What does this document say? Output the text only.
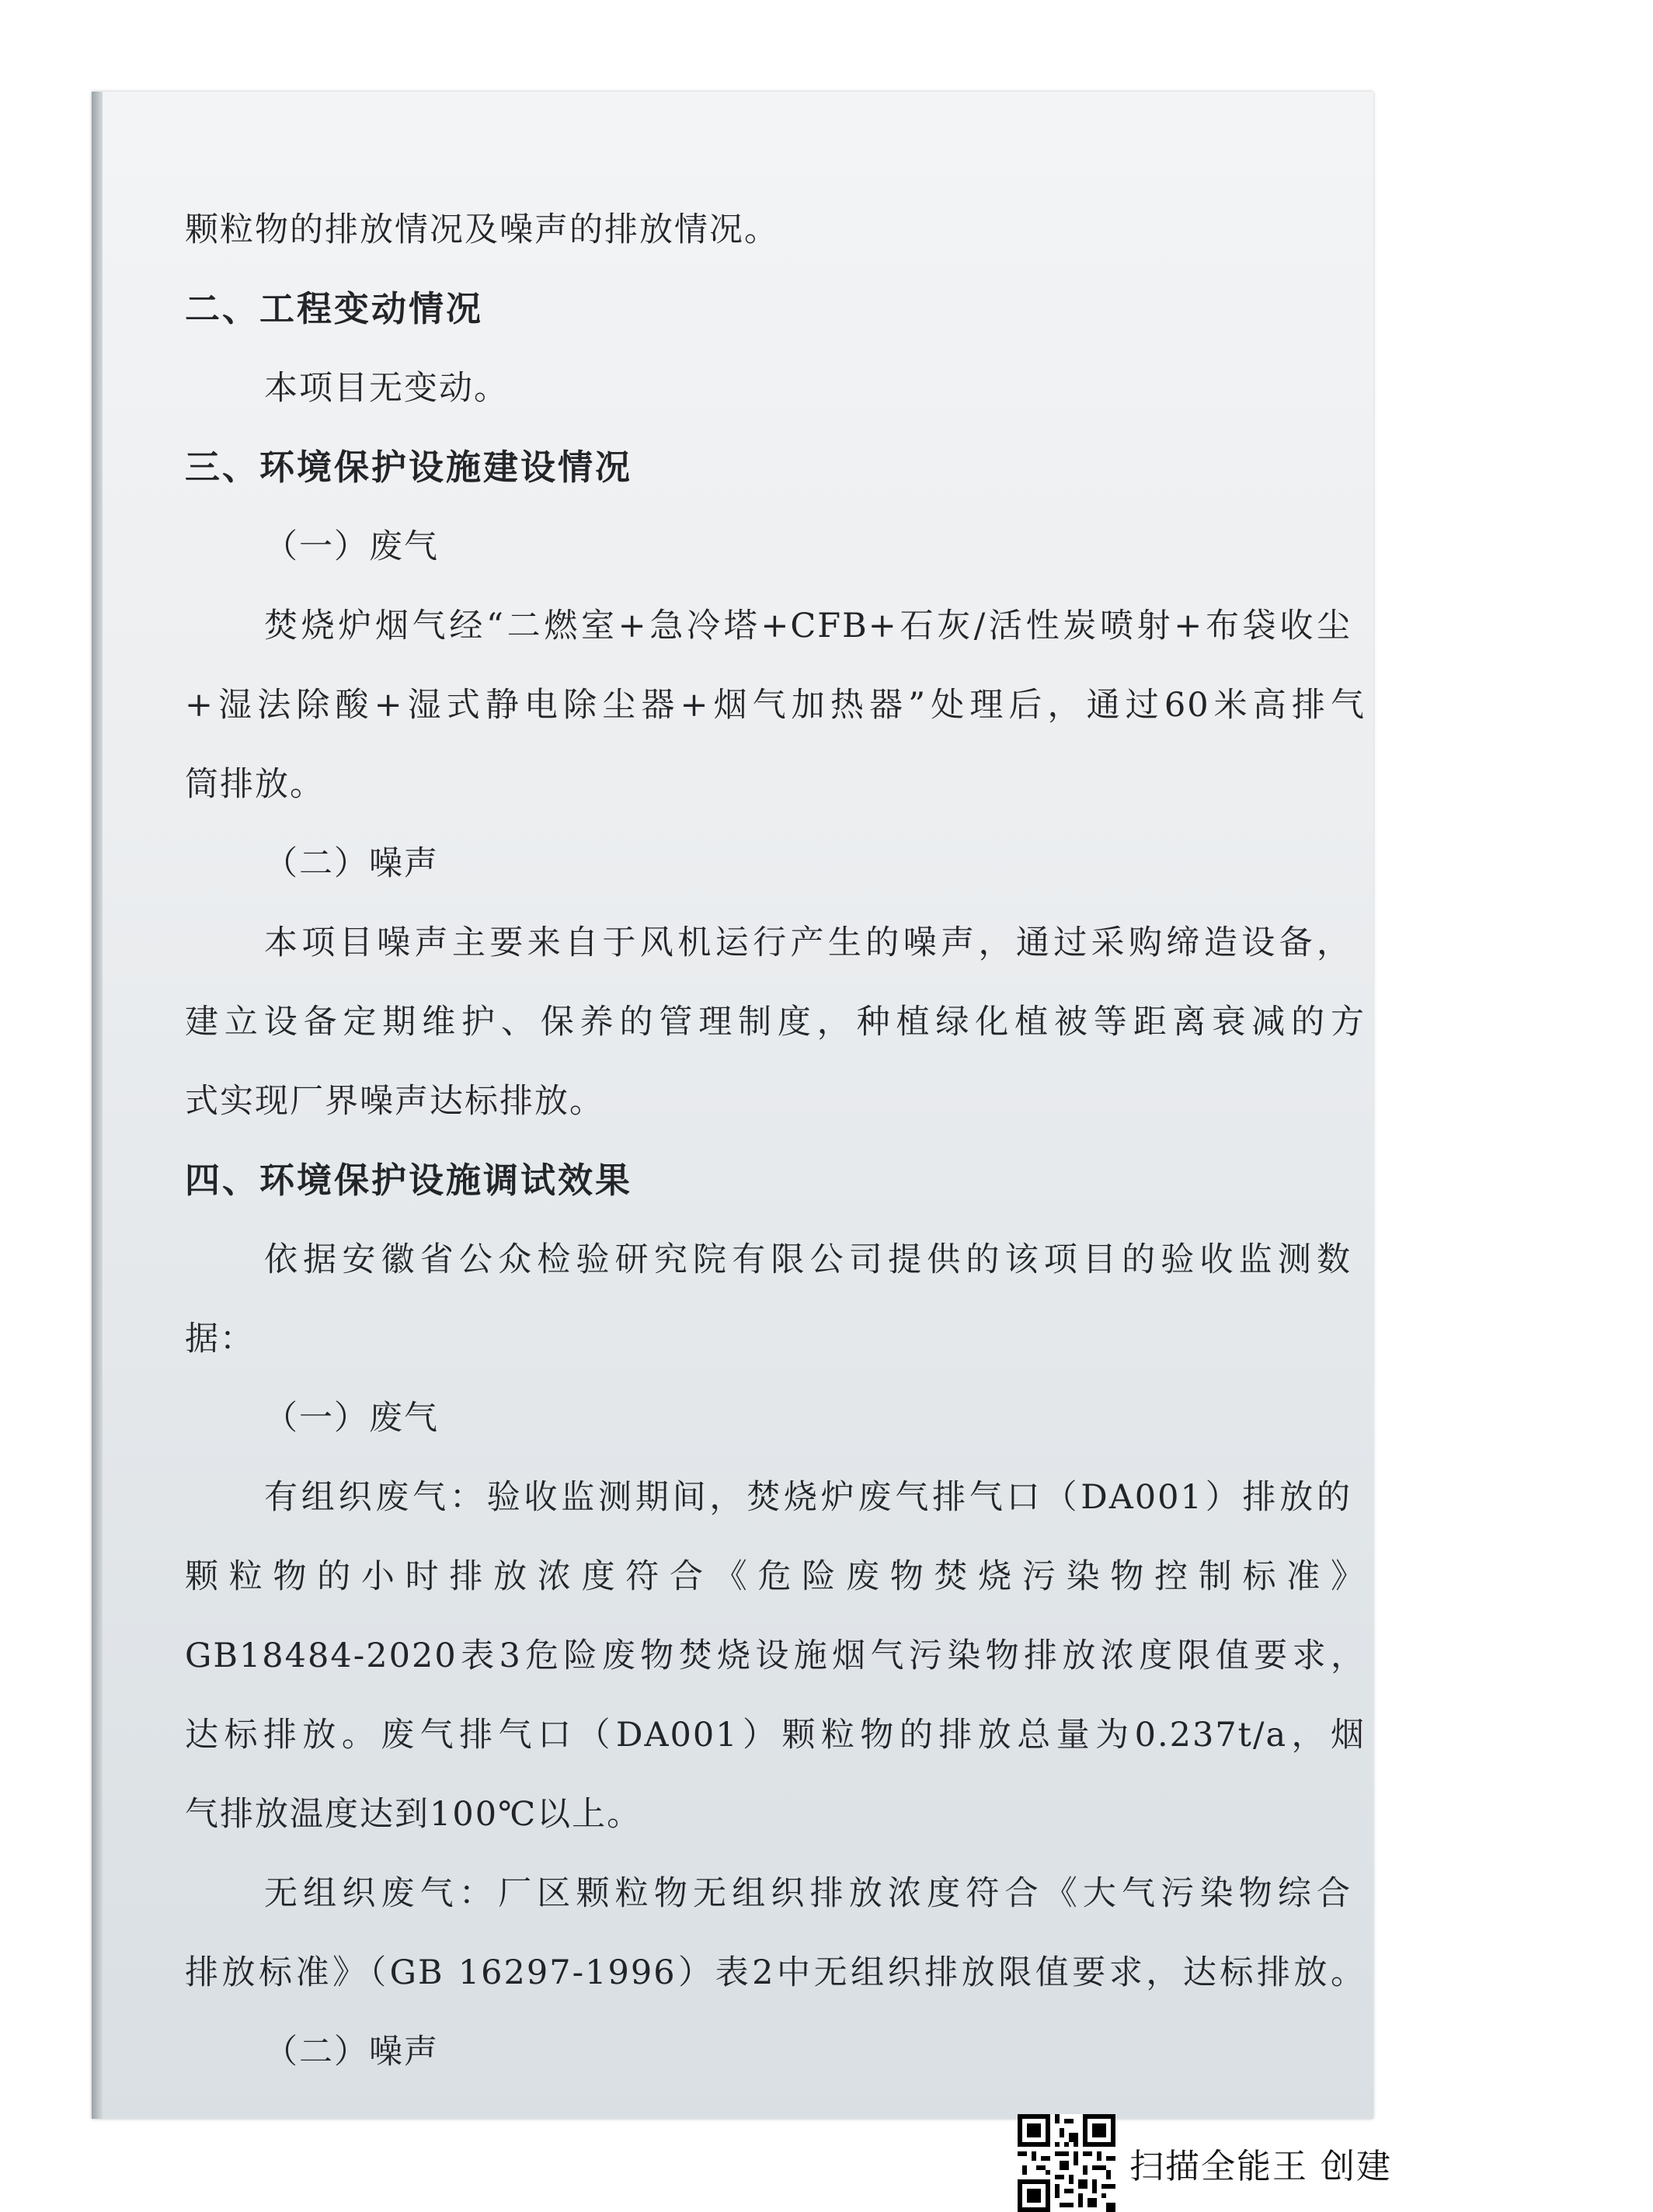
颗粒物的排放情况及噪声的排放情况。
二、工程变动情况
本项目无变动。
三、环境保护设施建设情况
（一）废气
焚烧炉烟气经“二燃室+急冷塔+CFB+石灰/活性炭喷射+布袋收尘
+湿法除酸+湿式静电除尘器+烟气加热器”处理后，通过60米高排气
筒排放。
（二）噪声
本项目噪声主要来自于风机运行产生的噪声，通过采购缔造设备，
建立设备定期维护、保养的管理制度，种植绿化植被等距离衰减的方
式实现厂界噪声达标排放。
四、环境保护设施调试效果
依据安徽省公众检验研究院有限公司提供的该项目的验收监测数
据：
（一）废气
有组织废气：验收监测期间，焚烧炉废气排气口（DA001）排放的
颗粒物的小时排放浓度符合《危险废物焚烧污染物控制标准》
GB18484-2020表3危险废物焚烧设施烟气污染物排放浓度限值要求，
达标排放。废气排气口（DA001）颗粒物的排放总量为0.237t/a，烟
气排放温度达到100℃以上。
无组织废气：厂区颗粒物无组织排放浓度符合《大气污染物综合
排放标准》（GB 16297-1996）表2中无组织排放限值要求，达标排放。
（二）噪声
扫描全能王 创建
